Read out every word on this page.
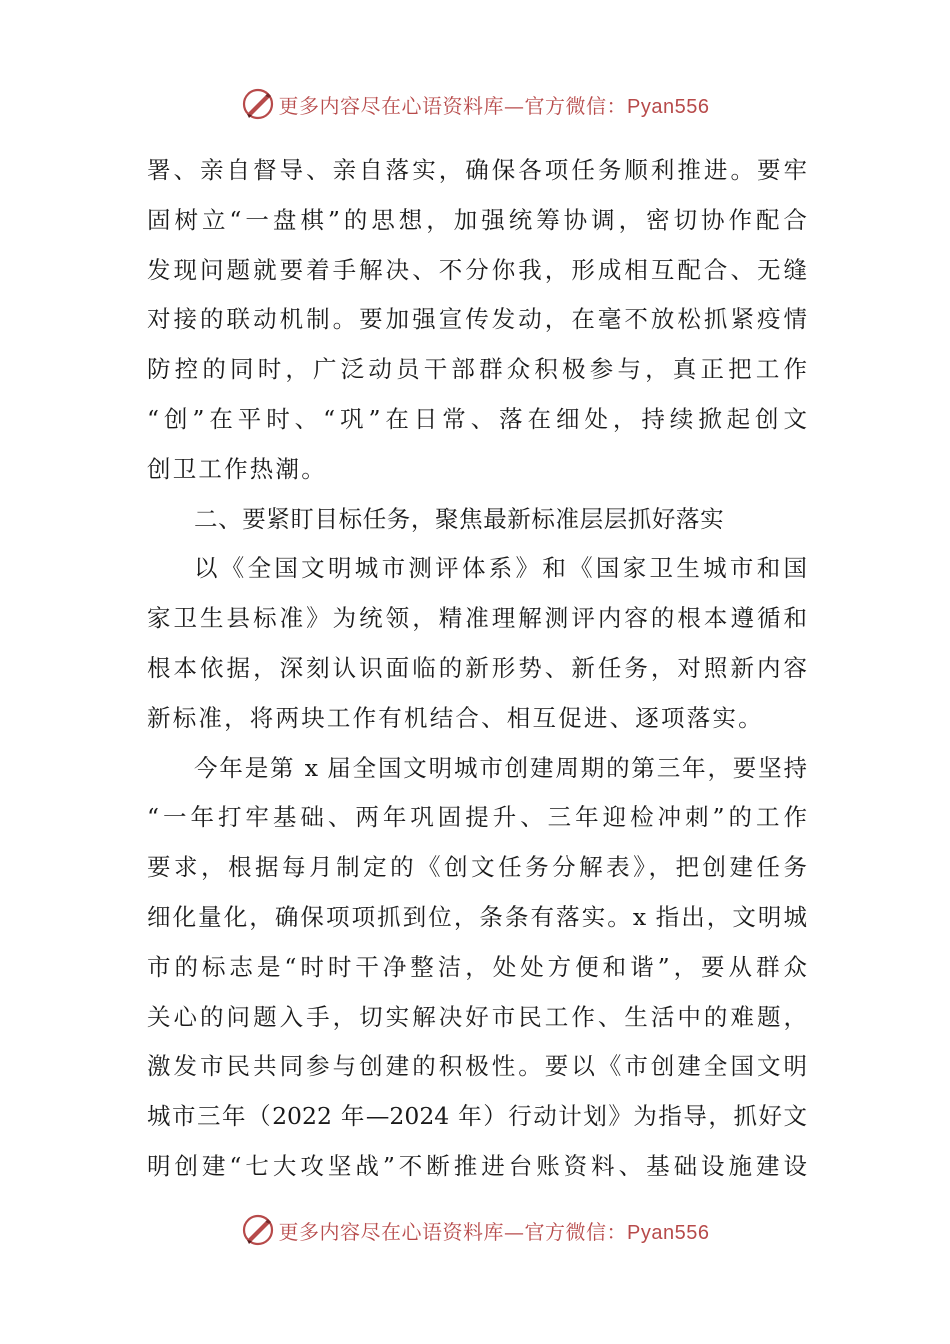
更多内容尽在心语资料库—官方微信：Pyan556
署、亲自督导、亲自落实，确保各项任务顺利推进。要牢
固树立“一盘棋”的思想，加强统筹协调，密切协作配合
发现问题就要着手解决、不分你我，形成相互配合、无缝
对接的联动机制。要加强宣传发动，在毫不放松抓紧疫情
防控的同时，广泛动员干部群众积极参与，真正把工作
“创”在平时、“巩”在日常、落在细处，持续掀起创文
创卫工作热潮。
二、要紧盯目标任务，聚焦最新标准层层抓好落实
以《全国文明城市测评体系》和《国家卫生城市和国
家卫生县标准》为统领，精准理解测评内容的根本遵循和
根本依据，深刻认识面临的新形势、新任务，对照新内容
新标准，将两块工作有机结合、相互促进、逐项落实。
今年是第 x 届全国文明城市创建周期的第三年，要坚持
“一年打牢基础、两年巩固提升、三年迎检冲刺”的工作
要求，根据每月制定的《创文任务分解表》，把创建任务
细化量化，确保项项抓到位，条条有落实。x 指出，文明城
市的标志是“时时干净整洁，处处方便和谐”，要从群众
关心的问题入手，切实解决好市民工作、生活中的难题，
激发市民共同参与创建的积极性。要以《市创建全国文明
城市三年（2022 年—2024 年）行动计划》为指导，抓好文
明创建“七大攻坚战”不断推进台账资料、基础设施建设
更多内容尽在心语资料库—官方微信：Pyan556
